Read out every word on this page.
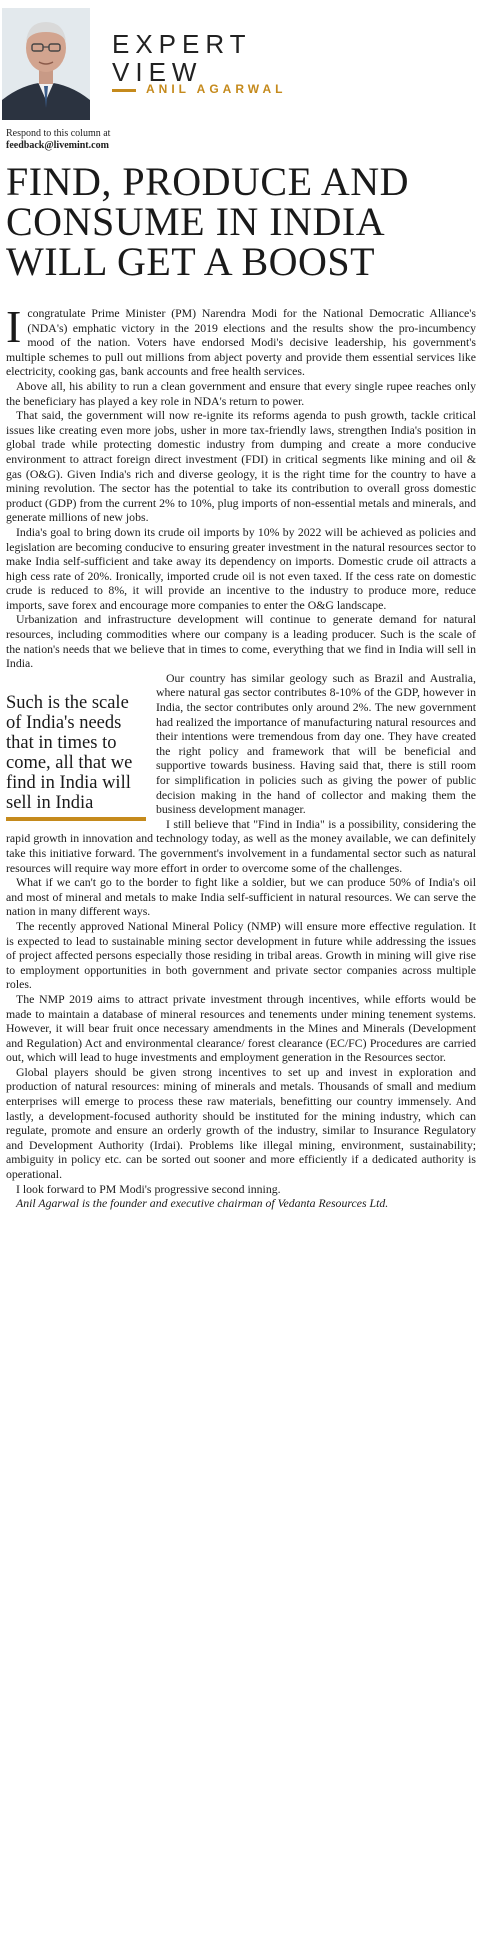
EXPERT
VIEW
ANIL AGARWAL
Respond to this column at
feedback@livemint.com
FIND, PRODUCE AND CONSUME IN INDIA WILL GET A BOOST

Icongratulate Prime Minister (PM) Narendra Modi for the National Democratic Alliance's (NDA's) emphatic victory in the 2019 elections and the results show the pro-incumbency mood of the nation. Voters have endorsed Modi's decisive leadership, his government's multiple schemes to pull out millions from abject poverty and provide them essential services like electricity, cooking gas, bank accounts and free health services.

Above all, his ability to run a clean government and ensure that every single rupee reaches only the beneficiary has played a key role in NDA's return to power.

That said, the government will now re-ignite its reforms agenda to push growth, tackle critical issues like creating even more jobs, usher in more tax-friendly laws, strengthen India's position in global trade while protecting domestic industry from dumping and create a more conducive environment to attract foreign direct investment (FDI) in critical segments like mining and oil & gas (O&G). Given India's rich and diverse geology, it is the right time for the country to have a mining revolution. The sector has the potential to take its contribution to overall gross domestic product (GDP) from the current 2% to 10%, plug imports of non-essential metals and minerals, and generate millions of new jobs.

India's goal to bring down its crude oil imports by 10% by 2022 will be achieved as policies and legislation are becoming conducive to ensuring greater investment in the natural resources sector to make India self-sufficient and take away its dependency on imports. Domestic crude oil attracts a high cess rate of 20%. Ironically, imported crude oil is not even taxed. If the cess rate on domestic crude is reduced to 8%, it will provide an incentive to the industry to produce more, reduce imports, save forex and encourage more companies to enter the O&G landscape.

Urbanization and infrastructure development will continue to generate demand for natural resources, including commodities where our company is a leading producer. Such is the scale of the nation's needs that we believe that in times to come, everything that we find in India will sell in India.

Such is the scale of India's needs that in times to come, all that we find in India will sell in India

Our country has similar geology such as Brazil and Australia, where natural gas sector contributes 8-10% of the GDP, however in India, the sector contributes only around 2%. The new government had realized the importance of manufacturing natural resources and their intentions were tremendous from day one. They have created the right policy and framework that will be beneficial and supportive towards business. Having said that, there is still room for simplification in policies such as giving the power of public decision making in the hand of collector and making them the business development manager.

I still believe that "Find in India" is a possibility, considering the rapid growth in innovation and technology today, as well as the money available, we can definitely take this initiative forward. The government's involvement in a fundamental sector such as natural resources will require way more effort in order to overcome some of the challenges.

What if we can't go to the border to fight like a soldier, but we can produce 50% of India's oil and most of mineral and metals to make India self-sufficient in natural resources. We can serve the nation in many different ways.

The recently approved National Mineral Policy (NMP) will ensure more effective regulation. It is expected to lead to sustainable mining sector development in future while addressing the issues of project affected persons especially those residing in tribal areas. Growth in mining will give rise to employment opportunities in both government and private sector companies across multiple roles.

The NMP 2019 aims to attract private investment through incentives, while efforts would be made to maintain a database of mineral resources and tenements under mining tenement systems. However, it will bear fruit once necessary amendments in the Mines and Minerals (Development and Regulation) Act and environmental clearance/ forest clearance (EC/FC) Procedures are carried out, which will lead to huge investments and employment generation in the Resources sector.

Global players should be given strong incentives to set up and invest in exploration and production of natural resources: mining of minerals and metals. Thousands of small and medium enterprises will emerge to process these raw materials, benefitting our country immensely. And lastly, a development-focused authority should be instituted for the mining industry, which can regulate, promote and ensure an orderly growth of the industry, similar to Insurance Regulatory and Development Authority (Irdai). Problems like illegal mining, environment, sustainability; ambiguity in policy etc. can be sorted out sooner and more efficiently if a dedicated authority is operational.

I look forward to PM Modi's progressive second inning.

Anil Agarwal is the founder and executive chairman of Vedanta Resources Ltd.
